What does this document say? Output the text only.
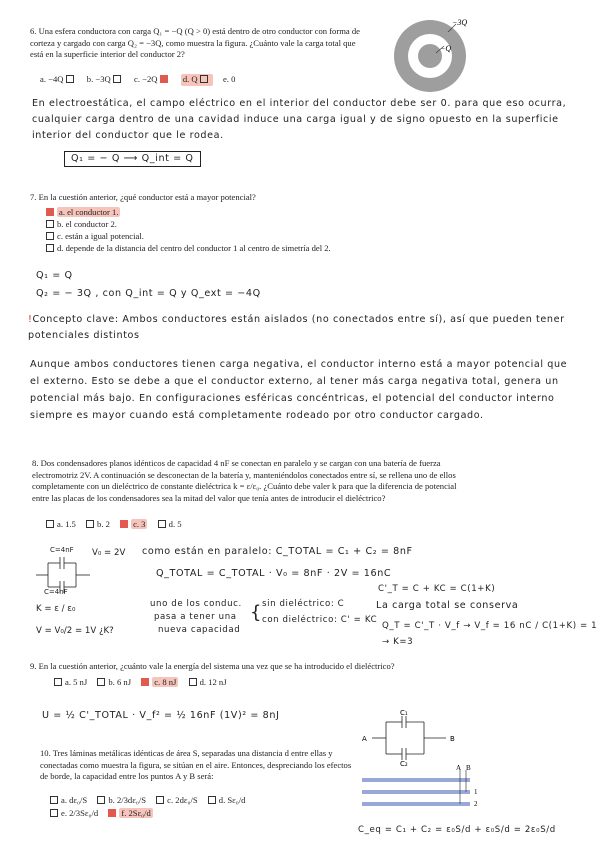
6. Una esfera conductora con carga Q₁ = −Q (Q > 0) está dentro de otro conductor con forma de corteza y cargado con carga Q₂ = −3Q, como muestra la figura. ¿Cuánto vale la carga total que está en la superficie interior del conductor 2?
a. −4Q	b. −3Q	c. −2Q	d. Q	e. 0
−3Q
−Q
En electroestática, el campo eléctrico en el interior del conductor debe ser 0. para que eso ocurra, cualquier carga dentro de una cavidad induce una carga igual y de signo opuesto en la superficie interior del conductor que le rodea.
Q₁ = − Q ⟶ Q_int = Q
7. En la cuestión anterior, ¿qué conductor está a mayor potencial?
a. el conductor 1.
b. el conductor 2.
c. están a igual potencial.
d. depende de la distancia del centro del conductor 1 al centro de simetría del 2.
Q₁ = Q
Q₂ = − 3Q , con Q_int = Q y Q_ext = −4Q
!Concepto clave: Ambos conductores están aislados (no conectados entre sí), así que pueden tener potenciales distintos
Aunque ambos conductores tienen carga negativa, el conductor interno está a mayor potencial que el externo. Esto se debe a que el conductor externo, al tener más carga negativa total, genera un potencial más bajo. En configuraciones esféricas concéntricas, el potencial del conductor interno siempre es mayor cuando está completamente rodeado por otro conductor cargado.
8. Dos condensadores planos idénticos de capacidad 4 nF se conectan en paralelo y se cargan con una batería de fuerza electromotriz 2V. A continuación se desconectan de la batería y, manteniéndolos conectados entre sí, se rellena uno de ellos completamente con un dieléctrico de constante dieléctrica k = ε/ε₀. ¿Cuánto debe valer k para que la diferencia de potencial entre las placas de los condensadores sea la mitad del valor que tenía antes de introducir el dieléctrico?
a. 1.5 b. 2	c. 3	d. 5
C=4nF
C=4nF
V₀ = 2V
K = ε / ε₀
V = V₀/2 = 1V ¿K?
como están en paralelo: C_TOTAL = C₁ + C₂ = 8nF
Q_TOTAL = C_TOTAL · V₀ = 8nF · 2V = 16nC
uno de los conduc.
pasa a tener una
nueva capacidad
{ sin dieléctrico: C
con dieléctrico: C' = KC
C'_T = C + KC = C(1+K)
La carga total se conserva
Q_T = C'_T · V_f → V_f = 16 nC / C(1+K) = 1 → K=3
9. En la cuestión anterior, ¿cuánto vale la energía del sistema una vez que se ha introducido el dieléctrico?
a. 5 nJ b. 6 nJ	c. 8 nJ	d. 12 nJ
U = ½ C'_TOTAL · V_f² = ½ 16nF (1V)² = 8nJ
10. Tres láminas metálicas idénticas de área S, separadas una distancia d entre ellas y conectadas como muestra la figura, se sitúan en el aire. Entonces, despreciando los efectos de borde, la capacidad entre los puntos A y B será:
a. dε₀/S b. 2/3dε₀/S c. 2dε₀/S d. Sε₀/d
e. 2/3Sε₀/d	f. 2Sε₀/d
C₁
C₂
A	B
A B
1
2
C_eq = C₁ + C₂ = ε₀S/d + ε₀S/d = 2ε₀S/d
